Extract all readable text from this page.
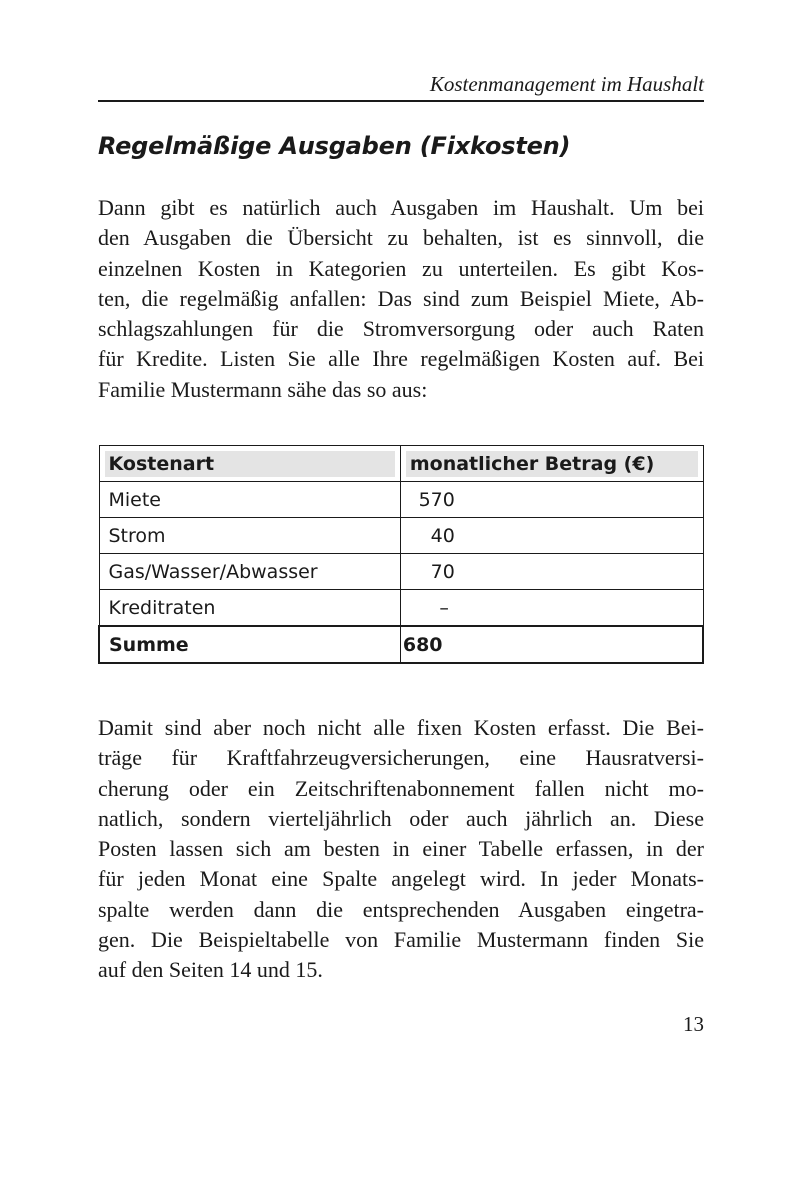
Kostenmanagement im Haushalt
Regelmäßige Ausgaben (Fixkosten)

Dann gibt es natürlich auch Ausgaben im Haushalt. Um bei
den Ausgaben die Übersicht zu behalten, ist es sinnvoll, die
einzelnen Kosten in Kategorien zu unterteilen. Es gibt Kos-
ten, die regelmäßig anfallen: Das sind zum Beispiel Miete, Ab-
schlagszahlungen für die Stromversorgung oder auch Raten
für Kredite. Listen Sie alle Ihre regelmäßigen Kosten auf. Bei
Familie Mustermann sähe das so aus:

Kostenart	monatlicher Betrag (€)

Miete	570
Strom	40
Gas/Wasser/Abwasser	70
Kreditraten	–
Summe	680

Damit sind aber noch nicht alle fixen Kosten erfasst. Die Bei-
träge für Kraftfahrzeugversicherungen, eine Hausratversi-
cherung oder ein Zeitschriftenabonnement fallen nicht mo-
natlich, sondern vierteljährlich oder auch jährlich an. Diese
Posten lassen sich am besten in einer Tabelle erfassen, in der
für jeden Monat eine Spalte angelegt wird. In jeder Monats-
spalte werden dann die entsprechenden Ausgaben eingetra-
gen. Die Beispieltabelle von Familie Mustermann finden Sie
auf den Seiten 14 und 15.

13
